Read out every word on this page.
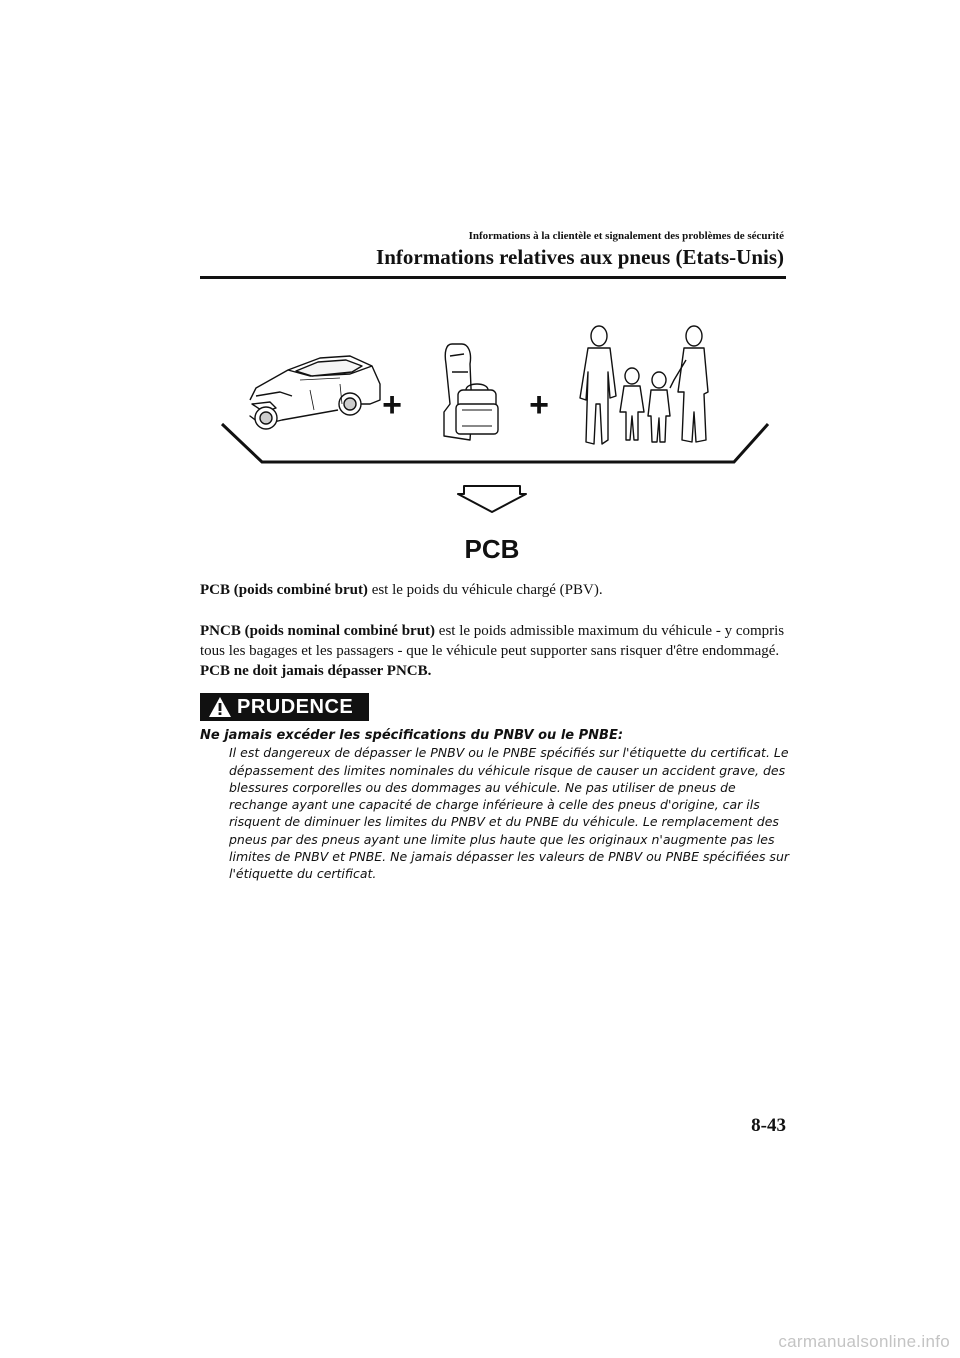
Informations à la clientèle et signalement des problèmes de sécurité
Informations relatives aux pneus (Etats-Unis)
+	+
PCB
PCB (poids combiné brut) est le poids du véhicule chargé (PBV).
PNCB (poids nominal combiné brut) est le poids admissible maximum du véhicule - y compris tous les bagages et les passagers - que le véhicule peut supporter sans risquer d'être endommagé. PCB ne doit jamais dépasser PNCB.
PRUDENCE
Ne jamais excéder les spécifications du PNBV ou le PNBE:
Il est dangereux de dépasser le PNBV ou le PNBE spécifiés sur l'étiquette du certificat. Le dépassement des limites nominales du véhicule risque de causer un accident grave, des blessures corporelles ou des dommages au véhicule. Ne pas utiliser de pneus de rechange ayant une capacité de charge inférieure à celle des pneus d'origine, car ils risquent de diminuer les limites du PNBV et du PNBE du véhicule. Le remplacement des pneus par des pneus ayant une limite plus haute que les originaux n'augmente pas les limites de PNBV et PNBE. Ne jamais dépasser les valeurs de PNBV ou PNBE spécifiées sur l'étiquette du certificat.
8-43
carmanualsonline.info
